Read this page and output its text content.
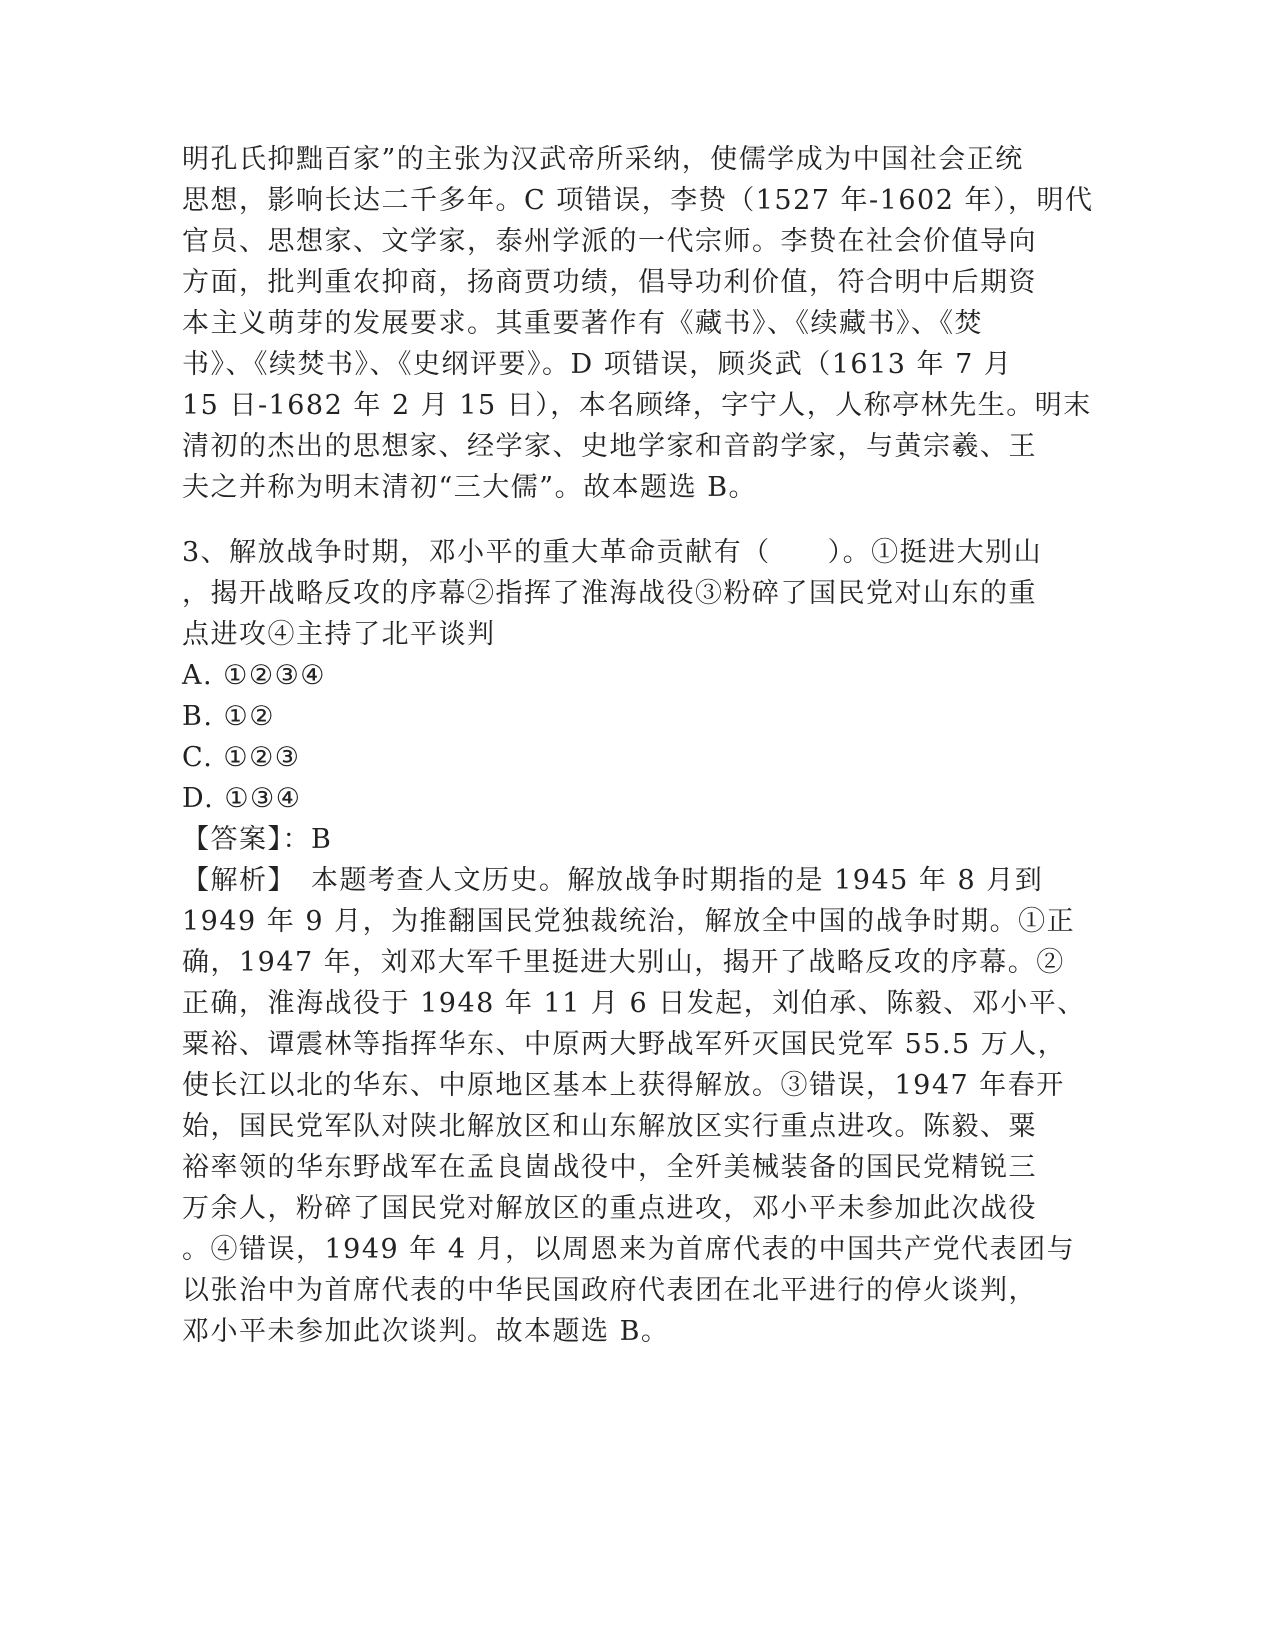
明孔氏抑黜百家”的主张为汉武帝所采纳，使儒学成为中国社会正统
思想，影响长达二千多年。C 项错误，李贽（1527 年-1602 年），明代
官员、思想家、文学家，泰州学派的一代宗师。李贽在社会价值导向
方面，批判重农抑商，扬商贾功绩，倡导功利价值，符合明中后期资
本主义萌芽的发展要求。其重要著作有《藏书》、《续藏书》、《焚
书》、《续焚书》、《史纲评要》。D 项错误，顾炎武（1613 年 7 月
15 日-1682 年 2 月 15 日），本名顾绛，字宁人，人称亭林先生。明末
清初的杰出的思想家、经学家、史地学家和音韵学家，与黄宗羲、王
夫之并称为明末清初“三大儒”。故本题选 B。
3、解放战争时期，邓小平的重大革命贡献有（　　）。①挺进大别山
，揭开战略反攻的序幕②指挥了淮海战役③粉碎了国民党对山东的重
点进攻④主持了北平谈判
A. ①②③④
B. ①②
C. ①②③
D. ①③④
【答案】：B
【解析】　本题考查人文历史。解放战争时期指的是 1945 年 8 月到
1949 年 9 月，为推翻国民党独裁统治，解放全中国的战争时期。①正
确，1947 年，刘邓大军千里挺进大别山，揭开了战略反攻的序幕。②
正确，淮海战役于 1948 年 11 月 6 日发起，刘伯承、陈毅、邓小平、
粟裕、谭震林等指挥华东、中原两大野战军歼灭国民党军 55.5 万人，
使长江以北的华东、中原地区基本上获得解放。③错误，1947 年春开
始，国民党军队对陕北解放区和山东解放区实行重点进攻。陈毅、粟
裕率领的华东野战军在孟良崮战役中，全歼美械装备的国民党精锐三
万余人，粉碎了国民党对解放区的重点进攻，邓小平未参加此次战役
。④错误，1949 年 4 月，以周恩来为首席代表的中国共产党代表团与
以张治中为首席代表的中华民国政府代表团在北平进行的停火谈判，
邓小平未参加此次谈判。故本题选 B。
